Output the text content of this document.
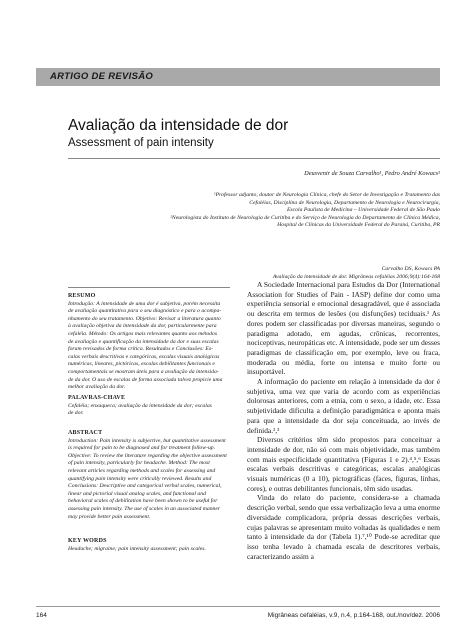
ARTIGO DE REVISÃO
Avaliação da intensidade de dor
Assessment of pain intensity
Deusvenir de Souza Carvalho¹, Pedro André Kowacs²
¹Professor adjunto, doutor de Neurologia Clínica, chefe do Setor de Investigação e Tratamento das
Cefaléias, Disciplina de Neurologia, Departamento de Neurologia e Neurocirurgia,
Escola Paulista de Medicina – Universidade Federal de São Paulo
²Neurologista do Instituto de Neurologia de Curitiba e do Serviço de Neurologia do Departamento de Clínica Médica,
Hospital de Clínicas da Universidade Federal do Paraná, Curitiba, PR
Carvalho DS, Kowacs PA
Avaliação da intensidade de dor. Migrâneas cefaléias 2006;9(4):164-168
RESUMO
Introdução: A intensidade de uma dor é subjetiva, porém necessita
de avaliação quantitativa para o seu diagnóstico e para o acompa-
nhamento do seu tratamento. Objetivo: Revisar a literatura quanto
à avaliação objetiva da intensidade da dor, particularmente para
cefaléia. Método: Os artigos mais relevantes quanto aos métodos
de avaliação e quantificação da intensidade da dor e suas escalas
foram revisados de forma crítica. Resultados e Conclusões: Es-
calas verbais descritivas e categóricas, escalas visuais analógicas
numéricas, lineares, pictóricas, escalas debilitantes funcionais e
comportamentais se mostram úteis para a avaliação da intensida-
de da dor. O uso de escalas de forma associada talvez propicie uma
melhor avaliação da dor.
PALAVRAS-CHAVE
Cefaléia; enxaqueca; avaliação da intensidade da dor; escalas
de dor.
ABSTRACT
Introduction: Pain intensity is subjective, but quantitative assessment
is required for pain to be diagnosed and for treatment follow-up.
Objective: To review the literature regarding the objective assessment
of pain intensity, particularly for headache. Method: The most
relevant articles regarding methods and scales for assessing and
quantifying pain intensity were critically reviewed. Results and
Conclusions: Descriptive and categorical verbal scales, numerical,
linear and pictorial visual analog scales, and functional and
behavioral scales of debilitation have been shown to be useful for
assessing pain intensity. The use of scales in an associated manner
may provide better pain assessment.
KEY WORDS
Headache; migraine; pain intensity assessment; pain scales.

A Sociedade Internacional para Estudos da Dor (International Association for Studies of Pain - IASP) define dor como uma experiência sensorial e emocional desagradável, que é associada ou descrita em termos de lesões (ou disfunções) teciduais.¹ As dores podem ser classificadas por diversas maneiras, segundo o paradigma adotado, em agudas, crônicas, recorrentes, nociceptivas, neuropáticas etc. A intensidade, pode ser um desses paradigmas de classificação em, por exemplo, leve ou fraca, moderada ou média, forte ou intensa e muito forte ou insuportável.

A informação do paciente em relação à intensidade da dor é subjetiva, uma vez que varia de acordo com as experiências dolorosas anteriores, com a etnia, com o sexo, a idade, etc. Essa subjetividade dificulta a definição paradigmática e aponta mais para que a intensidade da dor seja conceituada, ao invés de definida.²,³

Diversos critérios têm sido propostos para conceituar a intensidade de dor, não só com mais objetividade, mas também com mais especificidade quantitativa (Figuras 1 e 2).⁴,⁵,⁶ Essas escalas verbais descritivas e categóricas, escalas analógicas visuais numéricas (0 a 10), pictográficas (faces, figuras, linhas, cores), e outras debilitantes funcionais, têm sido usadas.

Vinda do relato do paciente, considera-se a chamada descrição verbal, sendo que essa verbalização leva a uma enorme diversidade complicadora, própria dessas descrições verbais, cujas palavras se apresentam muito voltadas às qualidades e nem tanto à intensidade da dor (Tabela 1).⁷,¹⁰ Pode-se acreditar que isso tenha levado à chamada escala de descritores verbais, caracterizando assim a

164	Migrâneas cefaléias, v.9, n.4, p.164-168, out./nov/dez. 2006
